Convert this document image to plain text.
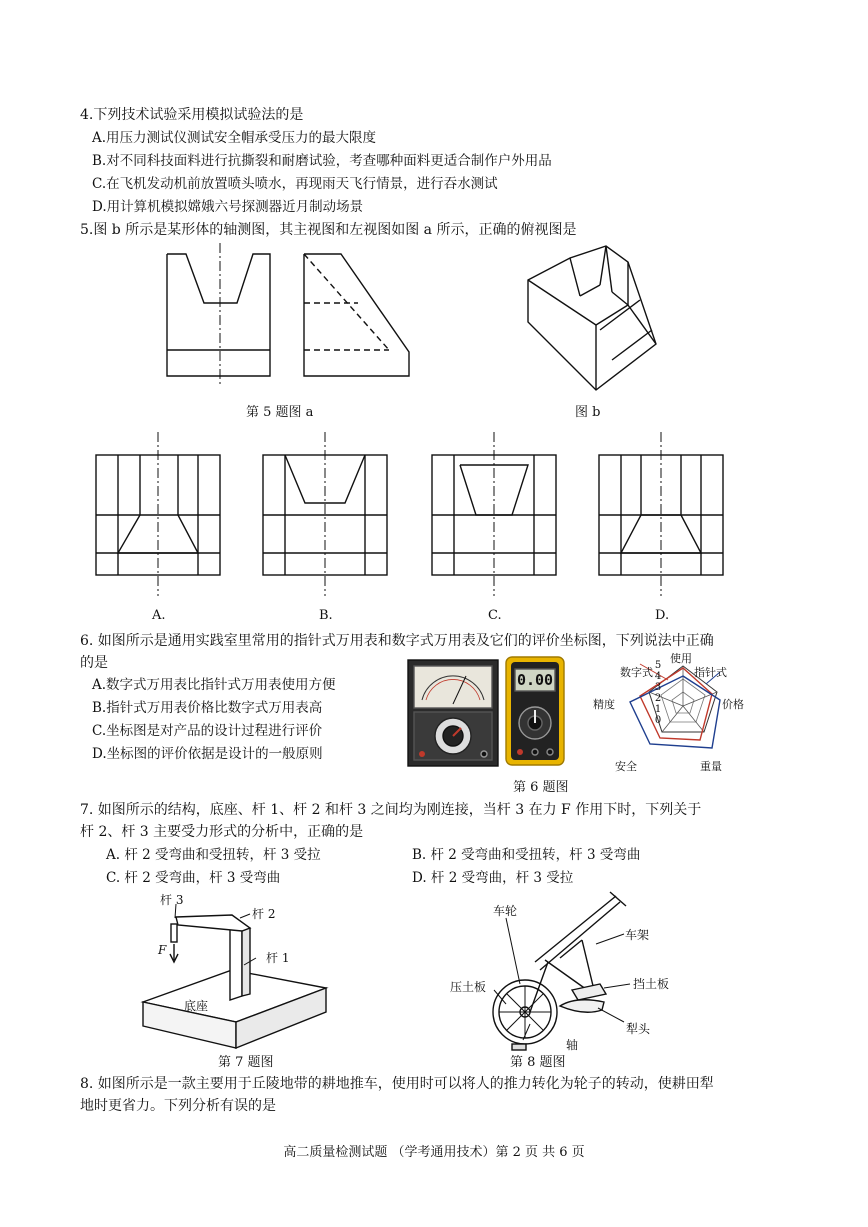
4.下列技术试验采用模拟试验法的是
A.用压力测试仪测试安全帽承受压力的最大限度
B.对不同科技面料进行抗撕裂和耐磨试验，考查哪种面料更适合制作户外用品
C.在飞机发动机前放置喷头喷水，再现雨天飞行情景，进行吞水测试
D.用计算机模拟嫦娥六号探测器近月制动场景
5.图 b 所示是某形体的轴测图，其主视图和左视图如图 a 所示，正确的俯视图是
第 5 题图 a	图 b
A.	B.	C.	D.
6. 如图所示是通用实践室里常用的指针式万用表和数字式万用表及它们的评价坐标图，下列说法中正确
的是
A.数字式万用表比指针式万用表使用方便
B.指针式万用表价格比数字式万用表高
C.坐标图是对产品的设计过程进行评价
D.坐标图的评价依据是设计的一般原则
0.00
使用
价格
重量
安全
精度
数字式	指针式
5
4
3
2
1
0
第 6 题图
7. 如图所示的结构，底座、杆 1、杆 2 和杆 3 之间均为刚连接，当杆 3 在力 F 作用下时，下列关于
杆 2、杆 3 主要受力形式的分析中，正确的是
A. 杆 2 受弯曲和受扭转，杆 3 受拉	B. 杆 2 受弯曲和受扭转，杆 3 受弯曲
C. 杆 2 受弯曲，杆 3 受弯曲	D. 杆 2 受弯曲，杆 3 受拉
杆 3
杆 2
杆 1
F
底座
第 7 题图
车轮
车架
压土板	挡土板
犁头
轴
第 8 题图
8. 如图所示是一款主要用于丘陵地带的耕地推车，使用时可以将人的推力转化为轮子的转动，使耕田犁
地时更省力。下列分析有误的是
高二质量检测试题 （学考通用技术）第 2 页 共 6 页
